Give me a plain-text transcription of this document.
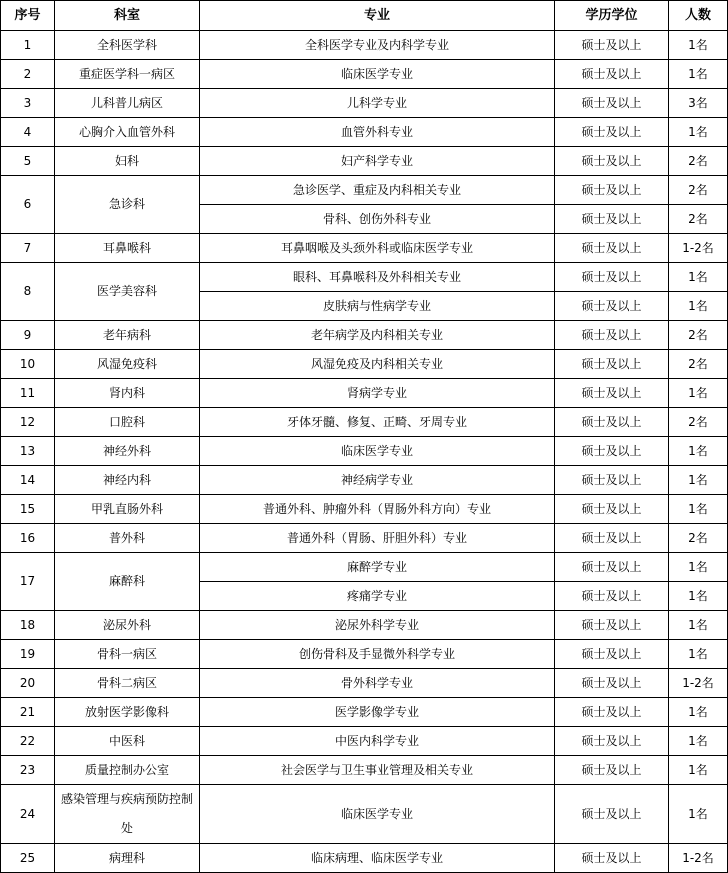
序号	科室	专业	学历学位	人数
1	全科医学科	全科医学专业及内科学专业	硕士及以上	1名
2	重症医学科一病区	临床医学专业	硕士及以上	1名
3	儿科普儿病区	儿科学专业	硕士及以上	3名
4	心胸介入血管外科	血管外科专业	硕士及以上	1名
5	妇科	妇产科学专业	硕士及以上	2名
6	急诊科	急诊医学、重症及内科相关专业	硕士及以上	2名
		骨科、创伤外科专业	硕士及以上	2名
7	耳鼻喉科	耳鼻咽喉及头颈外科或临床医学专业	硕士及以上	1-2名
8	医学美容科	眼科、耳鼻喉科及外科相关专业	硕士及以上	1名
		皮肤病与性病学专业	硕士及以上	1名
9	老年病科	老年病学及内科相关专业	硕士及以上	2名
10	风湿免疫科	风湿免疫及内科相关专业	硕士及以上	2名
11	肾内科	肾病学专业	硕士及以上	1名
12	口腔科	牙体牙髓、修复、正畸、牙周专业	硕士及以上	2名
13	神经外科	临床医学专业	硕士及以上	1名
14	神经内科	神经病学专业	硕士及以上	1名
15	甲乳直肠外科	普通外科、肿瘤外科（胃肠外科方向）专业	硕士及以上	1名
16	普外科	普通外科（胃肠、肝胆外科）专业	硕士及以上	2名
17	麻醉科	麻醉学专业	硕士及以上	1名
		疼痛学专业	硕士及以上	1名
18	泌尿外科	泌尿外科学专业	硕士及以上	1名
19	骨科一病区	创伤骨科及手显微外科学专业	硕士及以上	1名
20	骨科二病区	骨外科学专业	硕士及以上	1-2名
21	放射医学影像科	医学影像学专业	硕士及以上	1名
22	中医科	中医内科学专业	硕士及以上	1名
23	质量控制办公室	社会医学与卫生事业管理及相关专业	硕士及以上	1名
24	感染管理与疾病预防控制处	临床医学专业	硕士及以上	1名
25	病理科	临床病理、临床医学专业	硕士及以上	1-2名
